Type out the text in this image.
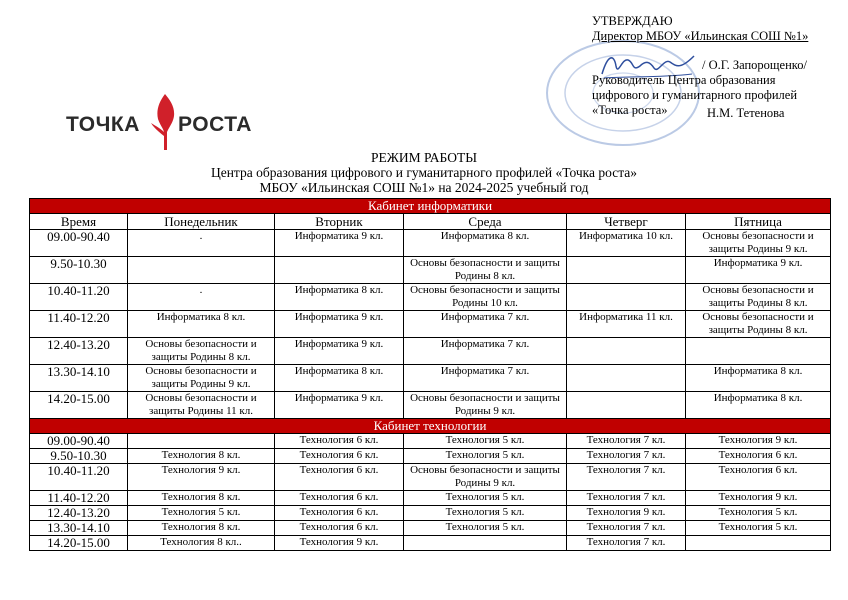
ТОЧКА РОСТА
УТВЕРЖДАЮ
Директор МБОУ «Ильинская СОШ №1»
/ О.Г. Запорощенко/
Руководитель Центра образования
цифрового и гуманитарного профилей
«Точка роста»	Н.М. Тетенова
РЕЖИМ РАБОТЫ
Центра образования цифрового и гуманитарного профилей «Точка роста»
МБОУ «Ильинская СОШ №1» на 2024-2025 учебный год
Кабинет информатики					
Время	Понедельник	Вторник	Среда	Четверг	Пятница
09.00-90.40	.	Информатика 9 кл.	Информатика 8 кл.	Информатика 10 кл.	Основы безопасности и защиты Родины 9 кл.
9.50-10.30			Основы безопасности и защиты Родины 8 кл.		Информатика 9 кл.
10.40-11.20	.	Информатика 8 кл.	Основы безопасности и защиты Родины 10 кл.		Основы безопасности и защиты Родины 8 кл.
11.40-12.20	Информатика 8 кл.	Информатика 9 кл.	Информатика 7 кл.	Информатика 11 кл.	Основы безопасности и защиты Родины 8 кл.
12.40-13.20	Основы безопасности и защиты Родины 8 кл.	Информатика 9 кл.	Информатика 7 кл.		
13.30-14.10	Основы безопасности и защиты Родины 9 кл.	Информатика 8 кл.	Информатика 7 кл.		Информатика 8 кл.
14.20-15.00	Основы безопасности и защиты Родины 11 кл.	Информатика 9 кл.	Основы безопасности и защиты Родины 9 кл.		Информатика 8 кл.
Кабинет технологии					
09.00-90.40		Технология 6 кл.	Технология 5 кл.	Технология 7 кл.	Технология 9 кл.
9.50-10.30	Технология 8 кл.	Технология 6 кл.	Технология 5 кл.	Технология 7 кл.	Технология 6 кл.
10.40-11.20	Технология 9 кл.	Технология 6 кл.	Основы безопасности и защиты Родины 9 кл.	Технология 7 кл.	Технология 6 кл.
11.40-12.20	Технология 8 кл.	Технология 6 кл.	Технология 5 кл.	Технология 7 кл.	Технология 9 кл.
12.40-13.20	Технология 5 кл.	Технология 6 кл.	Технология 5 кл.	Технология 9 кл.	Технология 5 кл.
13.30-14.10	Технология 8 кл.	Технология 6 кл.	Технология 5 кл.	Технология 7 кл.	Технология 5 кл.
14.20-15.00	Технология 8 кл..	Технология 9 кл.		Технология 7 кл.	
